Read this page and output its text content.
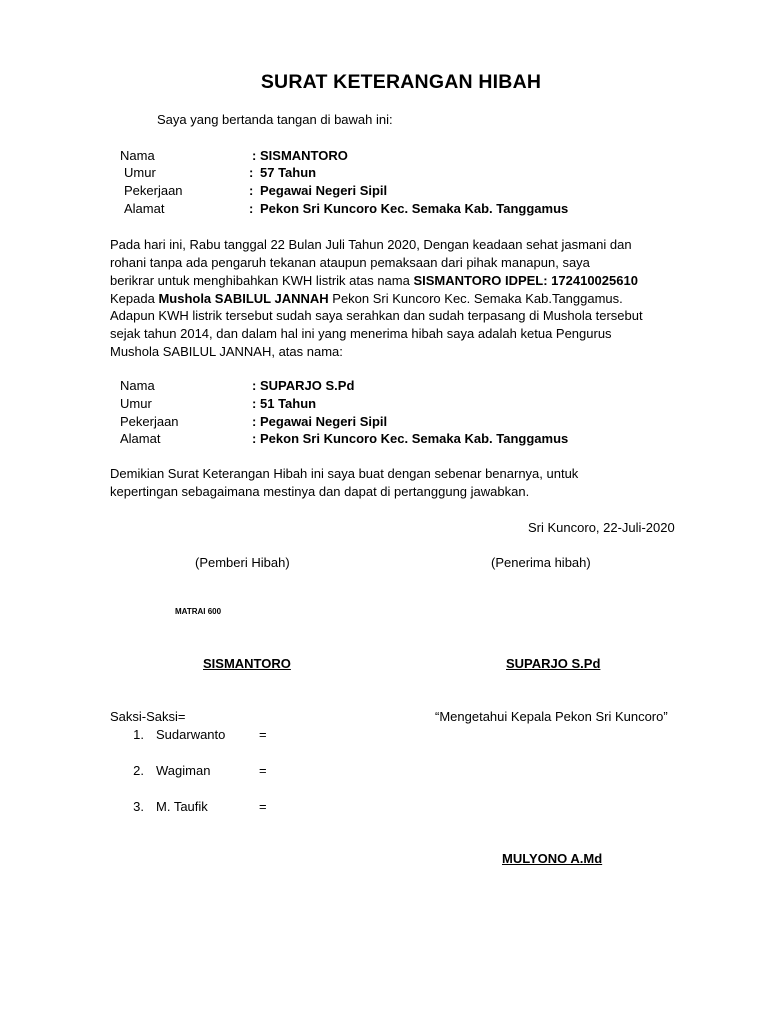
SURAT KETERANGAN HIBAH
Saya yang bertanda tangan di bawah ini:
Nama	: SISMANTORO
Umur	: 57 Tahun
Pekerjaan	: Pegawai Negeri Sipil
Alamat	: Pekon Sri Kuncoro Kec. Semaka Kab. Tanggamus
Pada hari ini, Rabu tanggal 22 Bulan Juli Tahun 2020, Dengan keadaan sehat jasmani dan
rohani tanpa ada pengaruh tekanan ataupun pemaksaan dari pihak manapun, saya
berikrar untuk menghibahkan KWH listrik atas nama SISMANTORO IDPEL: 172410025610
Kepada Mushola SABILUL JANNAH Pekon Sri Kuncoro Kec. Semaka Kab.Tanggamus.
Adapun KWH listrik tersebut sudah saya serahkan dan sudah terpasang di Mushola tersebut
sejak tahun 2014, dan dalam hal ini yang menerima hibah saya adalah ketua Pengurus
Mushola SABILUL JANNAH, atas nama:
Nama	: SUPARJO S.Pd
Umur	: 51 Tahun
Pekerjaan	: Pegawai Negeri Sipil
Alamat	: Pekon Sri Kuncoro Kec. Semaka Kab. Tanggamus
Demikian Surat Keterangan Hibah ini saya buat dengan sebenar benarnya, untuk
kepertingan sebagaimana mestinya dan dapat di pertanggung jawabkan.
Sri Kuncoro, 22-Juli-2020
(Pemberi Hibah)	(Penerima hibah)
MATRAI 600
SISMANTORO	SUPARJO S.Pd
Saksi-Saksi=	“Mengetahui Kepala Pekon Sri Kuncoro”
1. Sudarwanto	=
2. Wagiman	=
3. M. Taufik	=
MULYONO A.Md
